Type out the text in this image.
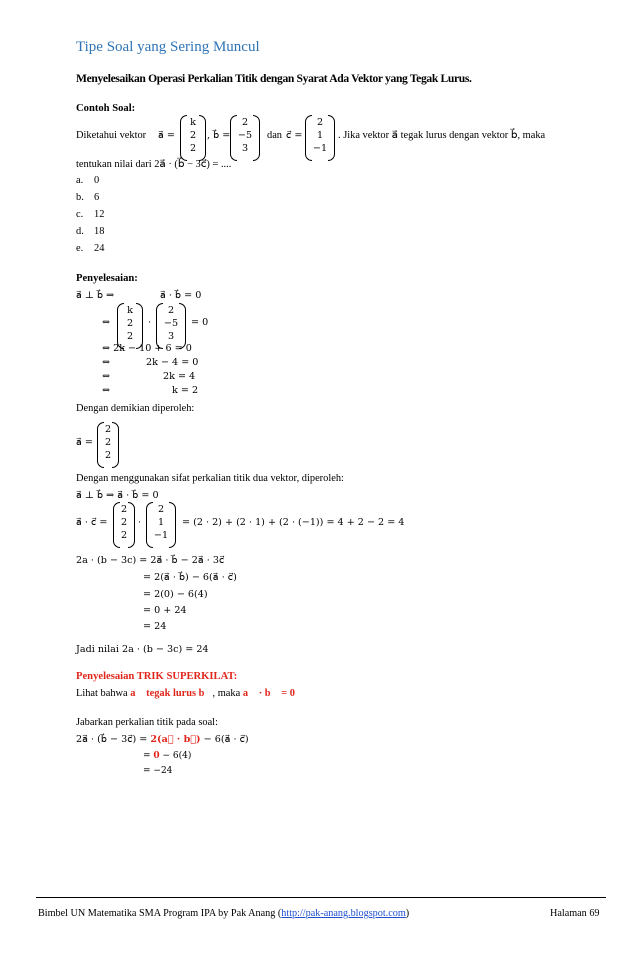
Tipe Soal yang Sering Muncul
Menyelesaikan Operasi Perkalian Titik dengan Syarat Ada Vektor yang Tegak Lurus.
Contoh Soal:
Diketahui vektor a⃗ =
k
2
2
, b⃗ =
2
−5
3
dan c⃗ =
2
1
−1
. Jika vektor a⃗ tegak lurus dengan vektor b⃗, maka
tentukan nilai dari 2a⃗ · (b⃗ − 3c⃗) = ....
a. 0
b. 6
c. 12
d. 18
e. 24
Penyelesaian:
a⃗ ⊥ b⃗ ⇒	a⃗ · b⃗ = 0
⇔
k
2
2
·
2
−5
3
= 0
⇔ 2k − 10 + 6 = 0
⇔	2k − 4 = 0
⇔	2k = 4
⇔	k = 2
Dengan demikian diperoleh:
a⃗ =
2
2
2
Dengan menggunakan sifat perkalian titik dua vektor, diperoleh:
a⃗ ⊥ b⃗ ⇒ a⃗ · b⃗ = 0
a⃗ · c⃗ =
2
2
2
·
2
1
−1
= (2 · 2) + (2 · 1) + (2 · (−1)) = 4 + 2 − 2 = 4
2a · (b − 3c) = 2a⃗ · b⃗ − 2a⃗ · 3c⃗
= 2(a⃗ · b⃗) − 6(a⃗ · c⃗)
= 2(0) − 6(4)
= 0 + 24
= 24
Jadi nilai 2a · (b − 3c) = 24
Penyelesaian TRIK SUPERKILAT:
Lihat bahwa a⃗ tegak lurus b⃗, maka a⃗ · b⃗ = 0
Jabarkan perkalian titik pada soal:
2a⃗ · (b⃗ − 3c⃗) = 2(a⃗ · b⃗) − 6(a⃗ · c⃗)
= 0 − 6(4)
= −24
Bimbel UN Matematika SMA Program IPA by Pak Anang (http://pak-anang.blogspot.com)	Halaman 69
